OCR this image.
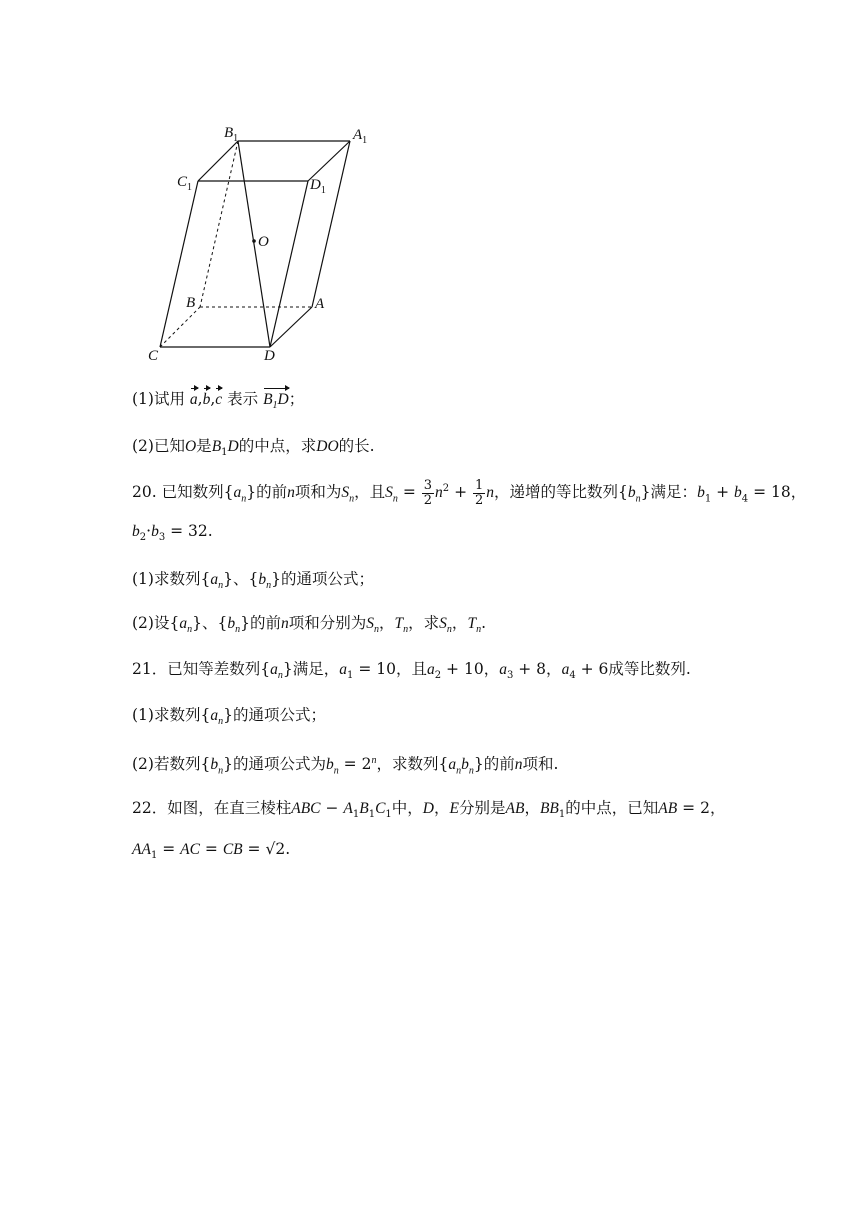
$B_1$	$A_1$
$C_1$	$D_1$
O
B	A
C	D
(1)试用 a,b,c 表示 $B_1D$；
(2)已知O是$B_1D$的中点，求DO的长.
20. 已知数列$\{a_n\}$的前n项和为$S_n$，且$S_n = \frac{3}{2} n^2 + \frac{1}{2}$ n，递增的等比数列$\{b_n\}$满足：$b_1 + b_4 = 18$，
$b_2\cdot b_3 = 32$.
(1)求数列$\{a_n\}$、$\{b_n\}$的通项公式；
(2)设$\{a_n\}$、$\{b_n\}$的前n项和分别为$S_n$，$T_n$，求$S_n$，$T_n$.
21．已知等差数列$\{a_n\}$满足，$a_1 = 10$，且$a_2 + 10$，$a_3 + 8$，$a_4 + 6$成等比数列.
(1)求数列$\{a_n\}$的通项公式；
(2)若数列$\{b_n\}$的通项公式为$b_n = 2^n$，求数列$\{a_nb_n\}$的前n项和.
22．如图，在直三棱柱ABC − $A_1B_1C_1$中，D，E分别是AB，$BB_1$的中点，已知AB = 2，
$AA_1$ = AC = CB = √2.
